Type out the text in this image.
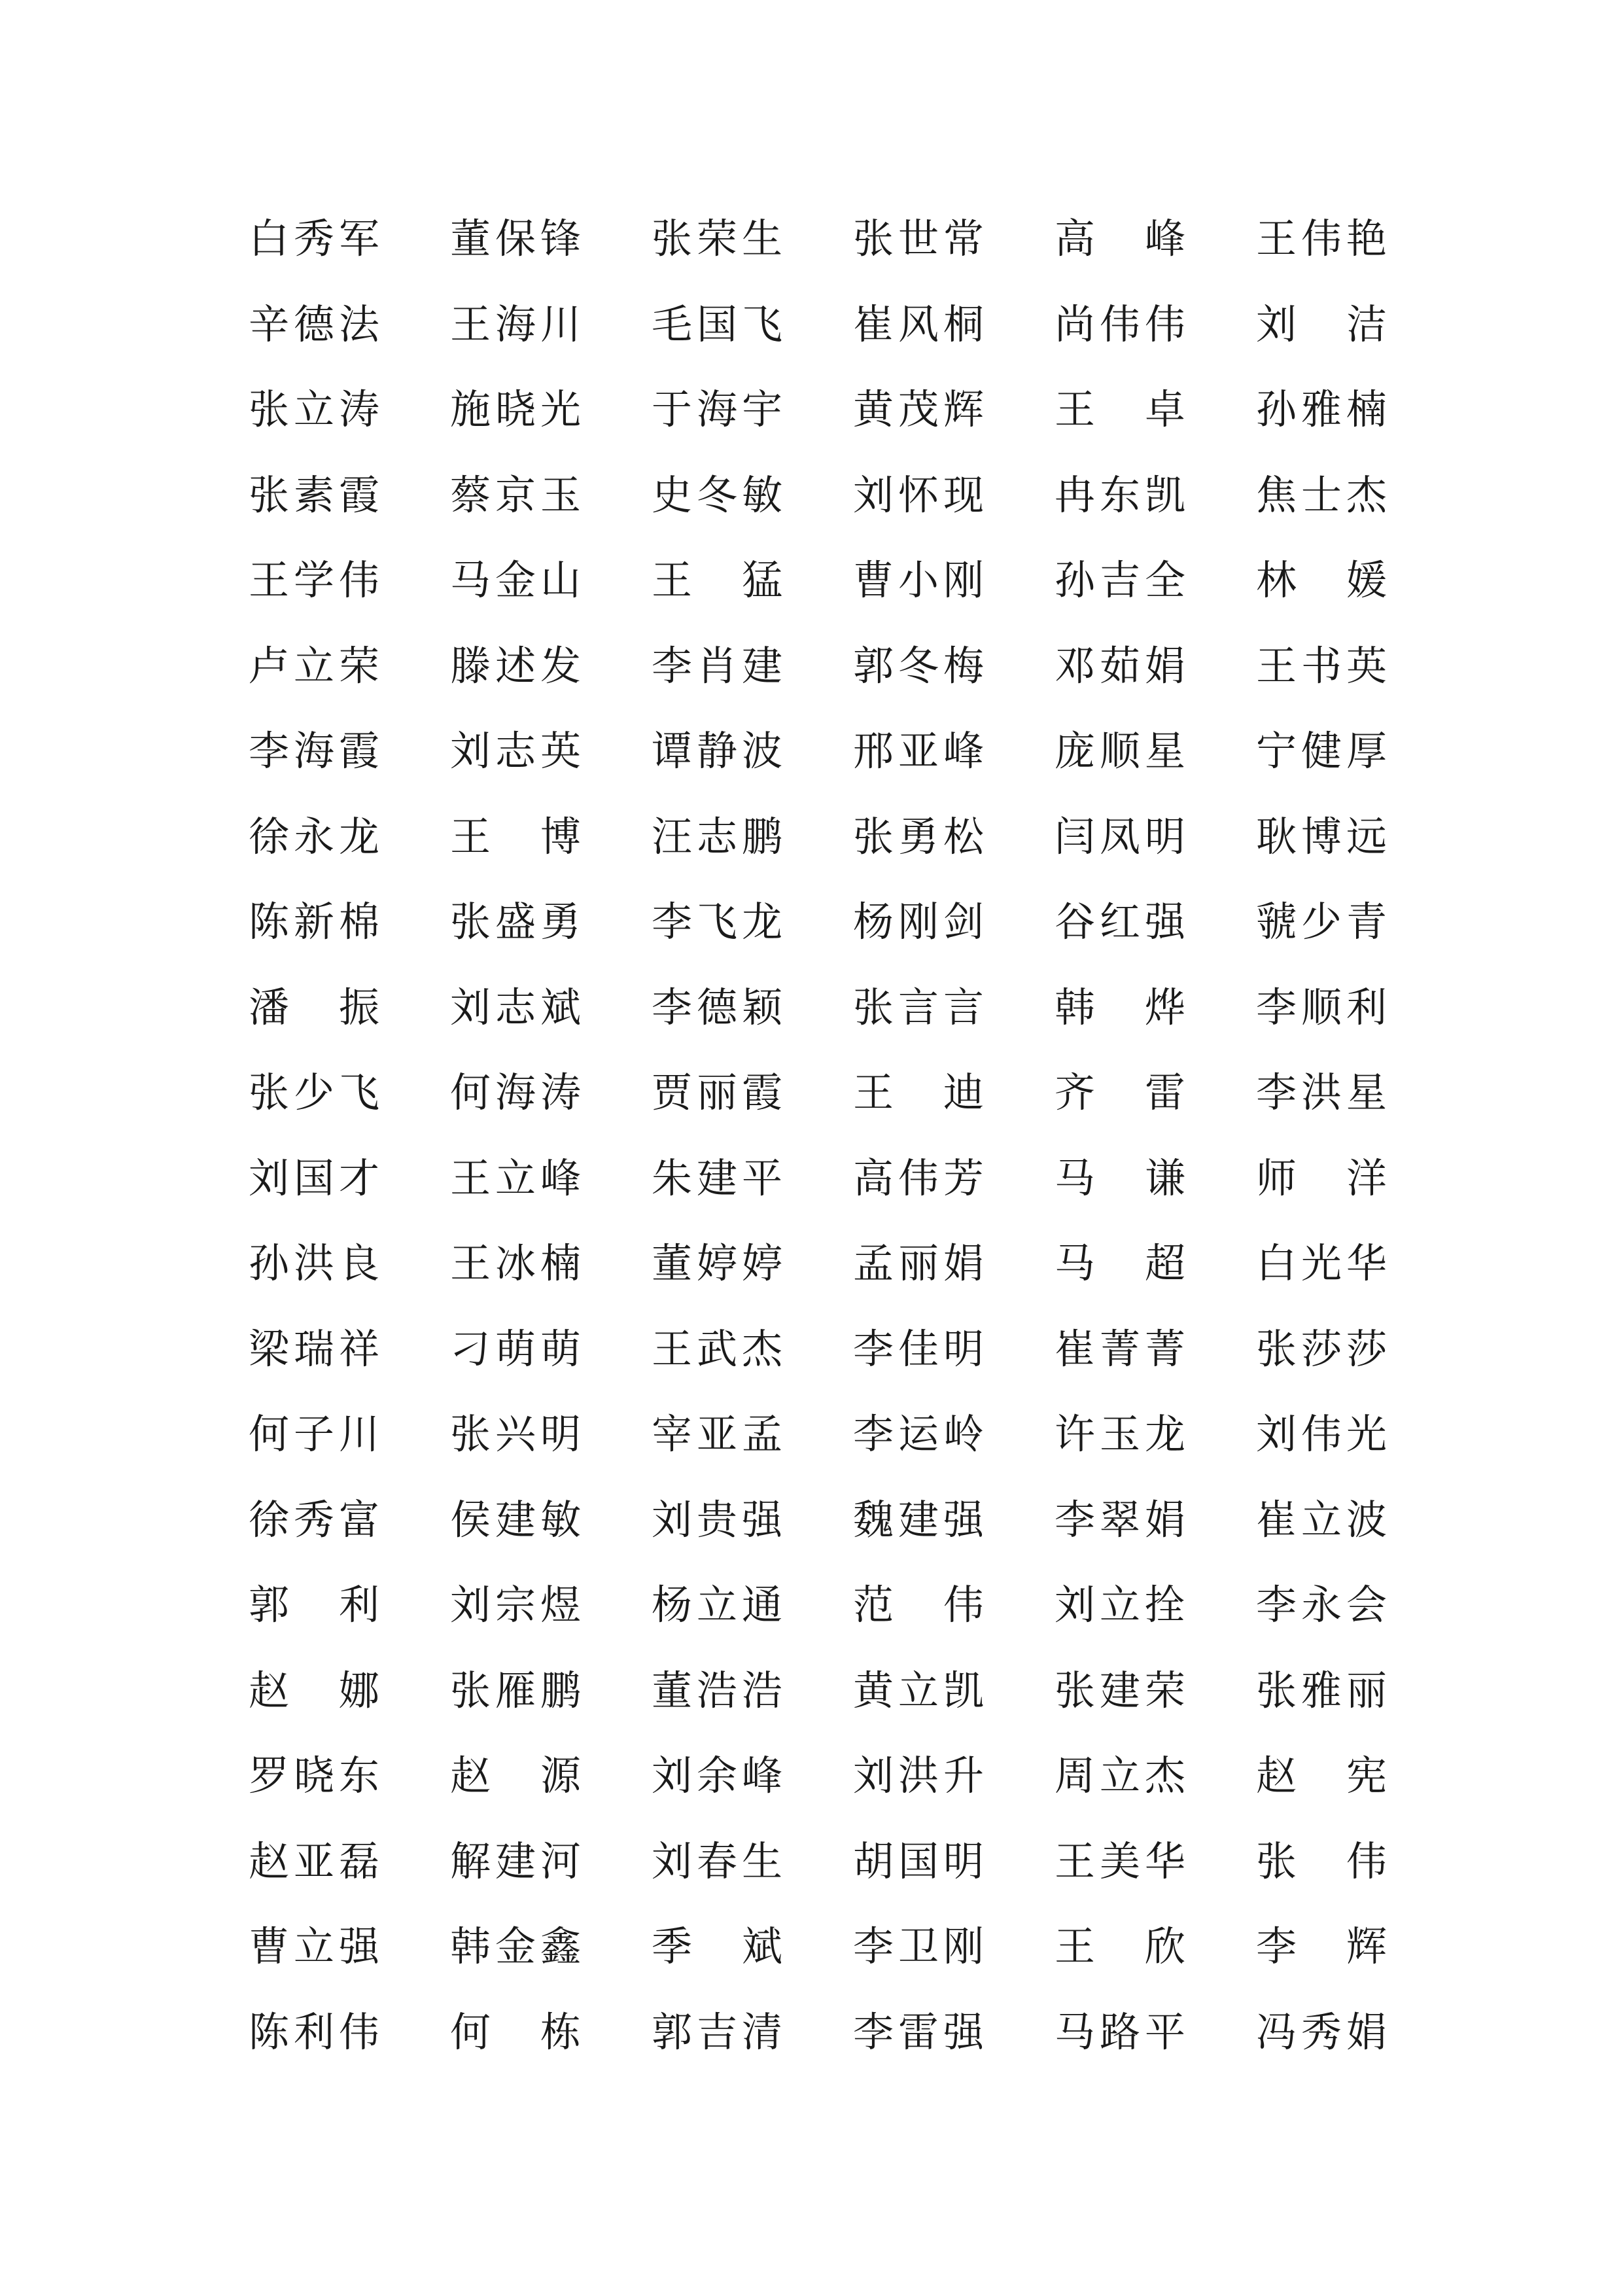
白 秀 军 董 保 锋 张 荣 生 张 世 常 高 峰 王 伟 艳
辛 德 法 王 海 川 毛 国 飞 崔 风 桐 尚 伟 伟 刘 洁
张 立 涛 施 晓 光 于 海 宇 黄 茂 辉 王 卓 孙 雅 楠
张 素 霞 蔡 京 玉 史 冬 敏 刘 怀 现 冉 东 凯 焦 士 杰
王 学 伟 马 金 山 王 猛 曹 小 刚 孙 吉 全 林 媛
卢 立 荣 滕 述 发 李 肖 建 郭 冬 梅 邓 茹 娟 王 书 英
李 海 霞 刘 志 英 谭 静 波 邢 亚 峰 庞 顺 星 宁 健 厚
徐 永 龙 王 博 汪 志 鹏 张 勇 松 闫 凤 明 耿 博 远
陈 新 棉 张 盛 勇 李 飞 龙 杨 刚 剑 谷 红 强 虢 少 青
潘 振 刘 志 斌 李 德 颖 张 言 言 韩 烨 李 顺 利
张 少 飞 何 海 涛 贾 丽 霞 王 迪 齐 雷 李 洪 星
刘 国 才 王 立 峰 朱 建 平 高 伟 芳 马 谦 师 洋
孙 洪 良 王 冰 楠 董 婷 婷 孟 丽 娟 马 超 白 光 华
梁 瑞 祥 刁 萌 萌 王 武 杰 李 佳 明 崔 菁 菁 张 莎 莎
何 子 川 张 兴 明 宰 亚 孟 李 运 岭 许 玉 龙 刘 伟 光
徐 秀 富 侯 建 敏 刘 贵 强 魏 建 强 李 翠 娟 崔 立 波
郭 利 刘 宗 煜 杨 立 通 范 伟 刘 立 拴 李 永 会
赵 娜 张 雁 鹏 董 浩 浩 黄 立 凯 张 建 荣 张 雅 丽
罗 晓 东 赵 源 刘 余 峰 刘 洪 升 周 立 杰 赵 宪
赵 亚 磊 解 建 河 刘 春 生 胡 国 明 王 美 华 张 伟
曹 立 强 韩 金 鑫 季 斌 李 卫 刚 王 欣 李 辉
陈 利 伟 何 栋 郭 吉 清 李 雷 强 马 路 平 冯 秀 娟
